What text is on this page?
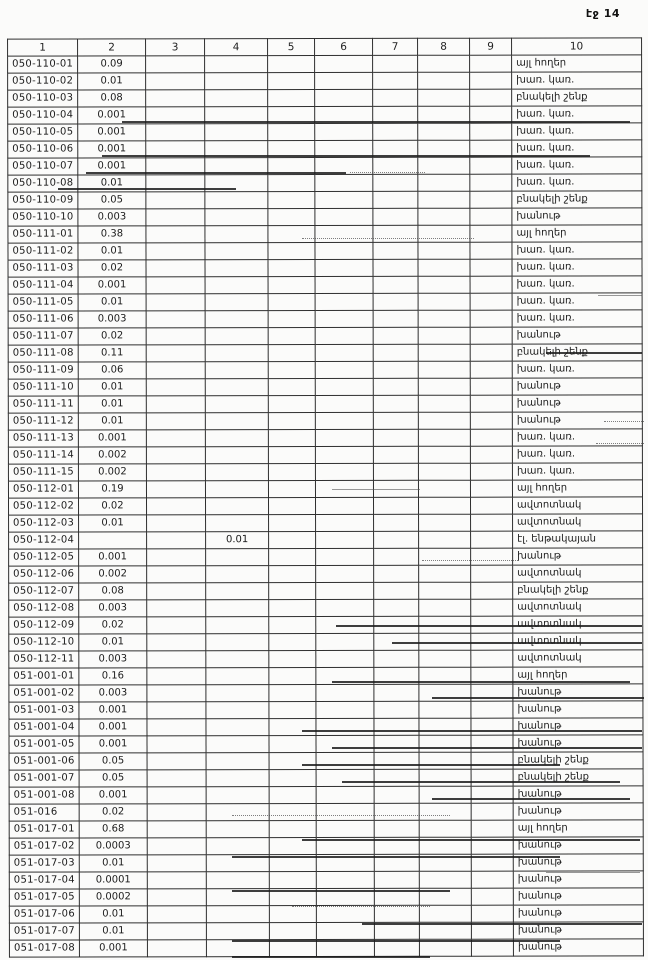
էջ 14
1	2	3	4	5	6	7	8	9	10
050-110-01	0.09								այլ հողեր
050-110-02	0.01								խառ. կառ.
050-110-03	0.08								բնակելի շենք
050-110-04	0.001								խառ. կառ.
050-110-05	0.001								խառ. կառ.
050-110-06	0.001								խառ. կառ.
050-110-07	0.001								խառ. կառ.
050-110-08	0.01								խառ. կառ.
050-110-09	0.05								բնակելի շենք
050-110-10	0.003								խանութ
050-111-01	0.38								այլ հողեր
050-111-02	0.01								խառ. կառ.
050-111-03	0.02								խառ. կառ.
050-111-04	0.001								խառ. կառ.
050-111-05	0.01								խառ. կառ.
050-111-06	0.003								խառ. կառ.
050-111-07	0.02								խանութ
050-111-08	0.11								բնակելի շենք
050-111-09	0.06								խառ. կառ.
050-111-10	0.01								խանութ
050-111-11	0.01								խանութ
050-111-12	0.01								խանութ
050-111-13	0.001								խառ. կառ.
050-111-14	0.002								խառ. կառ.
050-111-15	0.002								խառ. կառ.
050-112-01	0.19								այլ հողեր
050-112-02	0.02								ավտոտնակ
050-112-03	0.01								ավտոտնակ
050-112-04			0.01						էլ. ենթակայան
050-112-05	0.001								խանութ
050-112-06	0.002								ավտոտնակ
050-112-07	0.08								բնակելի շենք
050-112-08	0.003								ավտոտնակ
050-112-09	0.02								ավտոտնակ
050-112-10	0.01								ավտոտնակ
050-112-11	0.003								ավտոտնակ
051-001-01	0.16								այլ հողեր
051-001-02	0.003								խանութ
051-001-03	0.001								խանութ
051-001-04	0.001								խանութ
051-001-05	0.001								խանութ
051-001-06	0.05								բնակելի շենք
051-001-07	0.05								բնակելի շենք
051-001-08	0.001								խանութ
051-016	0.02								խանութ
051-017-01	0.68								այլ հողեր
051-017-02	0.0003								խանութ
051-017-03	0.01								խանութ
051-017-04	0.0001								խանութ
051-017-05	0.0002								խանութ
051-017-06	0.01								խանութ
051-017-07	0.01								խանութ
051-017-08	0.001								խանութ
